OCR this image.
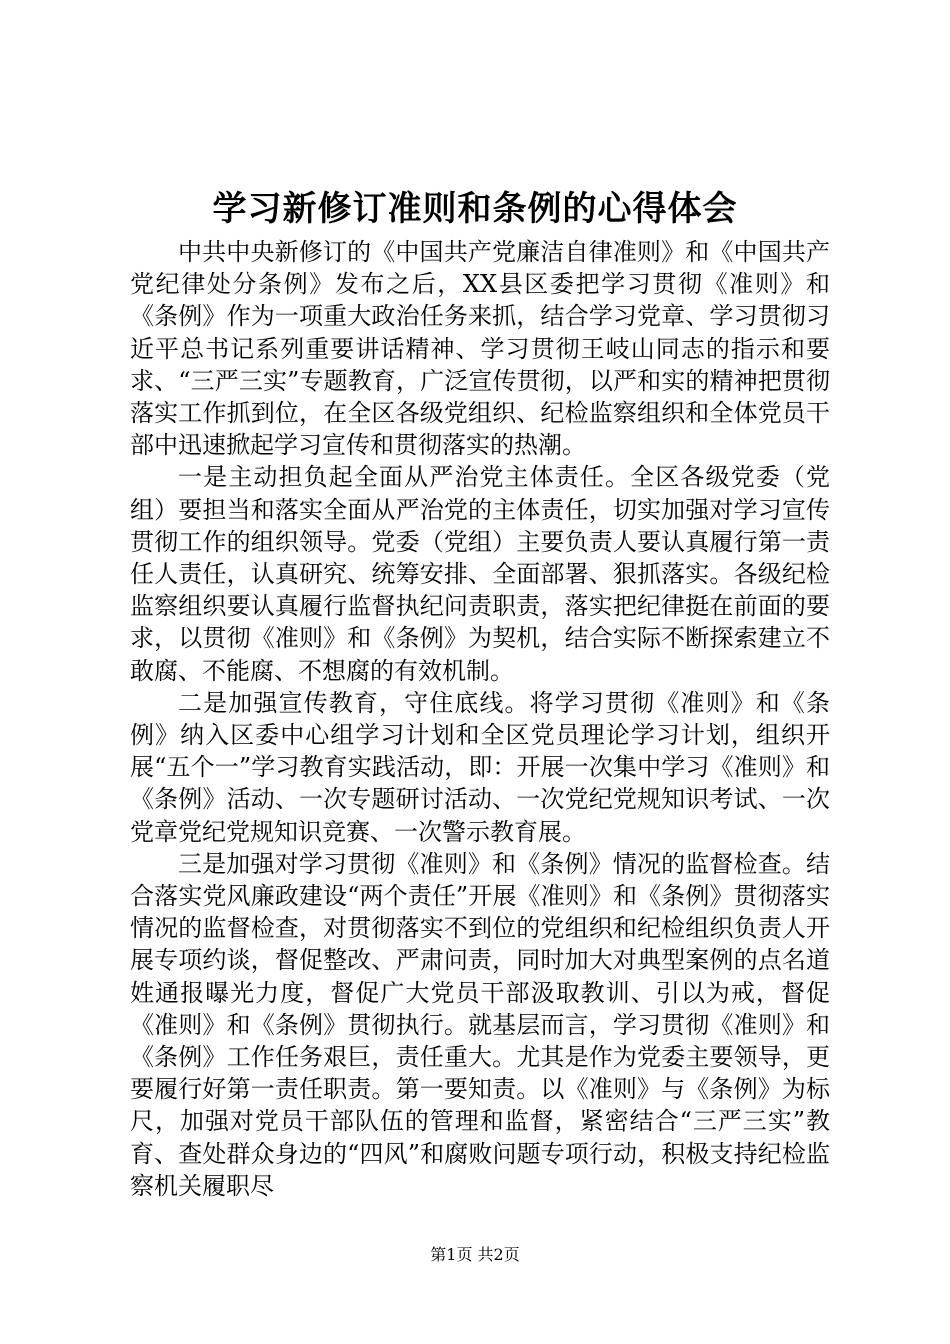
学习新修订准则和条例的心得体会

中共中央新修订的《中国共产党廉洁自律准则》和《中国共产党纪律处分条例》发布之后，XX县区委把学习贯彻《准则》和《条例》作为一项重大政治任务来抓，结合学习党章、学习贯彻习近平总书记系列重要讲话精神、学习贯彻王岐山同志的指示和要求、“三严三实”专题教育，广泛宣传贯彻，以严和实的精神把贯彻落实工作抓到位，在全区各级党组织、纪检监察组织和全体党员干部中迅速掀起学习宣传和贯彻落实的热潮。

一是主动担负起全面从严治党主体责任。全区各级党委（党组）要担当和落实全面从严治党的主体责任，切实加强对学习宣传贯彻工作的组织领导。党委（党组）主要负责人要认真履行第一责任人责任，认真研究、统筹安排、全面部署、狠抓落实。各级纪检监察组织要认真履行监督执纪问责职责，落实把纪律挺在前面的要求，以贯彻《准则》和《条例》为契机，结合实际不断探索建立不敢腐、不能腐、不想腐的有效机制。

二是加强宣传教育，守住底线。将学习贯彻《准则》和《条例》纳入区委中心组学习计划和全区党员理论学习计划，组织开展“五个一”学习教育实践活动，即：开展一次集中学习《准则》和《条例》活动、一次专题研讨活动、一次党纪党规知识考试、一次党章党纪党规知识竞赛、一次警示教育展。

三是加强对学习贯彻《准则》和《条例》情况的监督检查。结合落实党风廉政建设“两个责任”开展《准则》和《条例》贯彻落实情况的监督检查，对贯彻落实不到位的党组织和纪检组织负责人开展专项约谈，督促整改、严肃问责，同时加大对典型案例的点名道姓通报曝光力度，督促广大党员干部汲取教训、引以为戒，督促《准则》和《条例》贯彻执行。就基层而言，学习贯彻《准则》和《条例》工作任务艰巨，责任重大。尤其是作为党委主要领导，更要履行好第一责任职责。第一要知责。以《准则》与《条例》为标尺，加强对党员干部队伍的管理和监督，紧密结合“三严三实”教育、查处群众身边的“四风”和腐败问题专项行动，积极支持纪检监察机关履职尽

第1页 共2页
